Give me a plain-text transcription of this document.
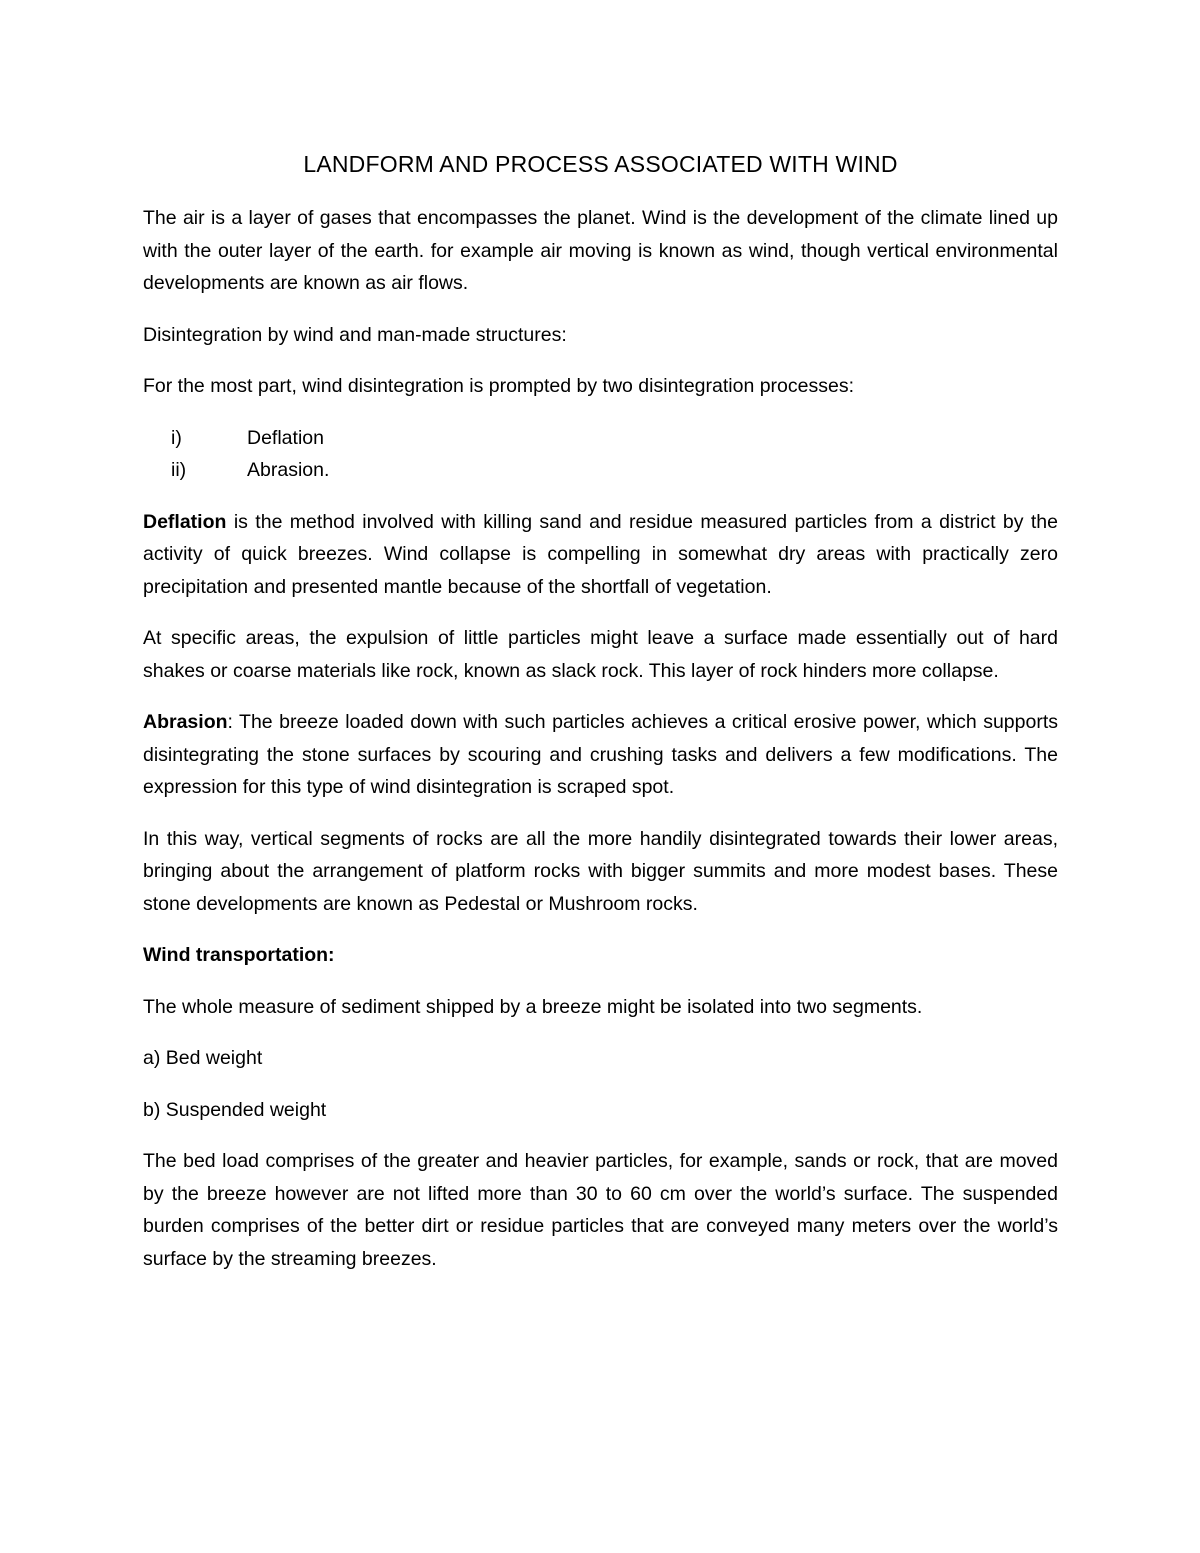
LANDFORM AND PROCESS ASSOCIATED WITH WIND

The air is a layer of gases that encompasses the planet. Wind is the development of the climate lined up with the outer layer of the earth. for example air moving is known as wind, though vertical environmental developments are known as air flows.

Disintegration by wind and man-made structures:

For the most part, wind disintegration is prompted by two disintegration processes:

i)	Deflation
ii)	Abrasion.

Deflation is the method involved with killing sand and residue measured particles from a district by the activity of quick breezes. Wind collapse is compelling in somewhat dry areas with practically zero precipitation and presented mantle because of the shortfall of vegetation.

At specific areas, the expulsion of little particles might leave a surface made essentially out of hard shakes or coarse materials like rock, known as slack rock. This layer of rock hinders more collapse.

Abrasion: The breeze loaded down with such particles achieves a critical erosive power, which supports disintegrating the stone surfaces by scouring and crushing tasks and delivers a few modifications. The expression for this type of wind disintegration is scraped spot.

In this way, vertical segments of rocks are all the more handily disintegrated towards their lower areas, bringing about the arrangement of platform rocks with bigger summits and more modest bases. These stone developments are known as Pedestal or Mushroom rocks.

Wind transportation:

The whole measure of sediment shipped by a breeze might be isolated into two segments.

a) Bed weight

b) Suspended weight

The bed load comprises of the greater and heavier particles, for example, sands or rock, that are moved by the breeze however are not lifted more than 30 to 60 cm over the world’s surface. The suspended burden comprises of the better dirt or residue particles that are conveyed many meters over the world’s surface by the streaming breezes.
